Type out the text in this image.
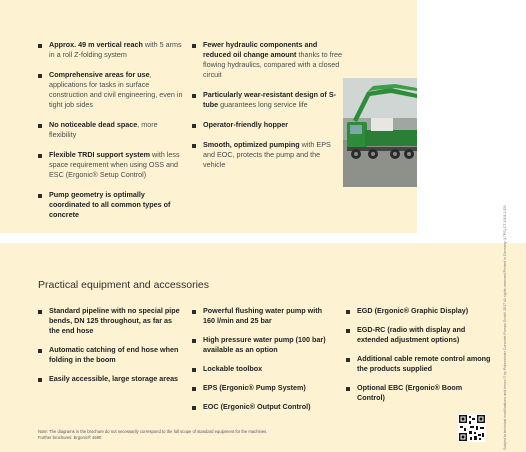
Approx. 49 m vertical reach with 5 arms in a roll Z-folding system
Comprehensive areas for use, applications for tasks in surface construction and civil engineering, even in tight job sides
No noticeable dead space, more flexibility
Flexible TRDI support system with less space requirement when using OSS and ESC (Ergonic® Setup Control)
Pump geometry is optimally coordinated to all common types of concrete
Fewer hydraulic components and reduced oil change amount thanks to free flowing hydraulics, compared with a closed circuit
Particularly wear-resistant design of S-tube guarantees long service life
Operator-friendly hopper
Smooth, optimized pumping with EPS and EOC, protects the pump and the vehicle
Subject to technical modifications and errors © by Putzmeister Concrete Pumps GmbH 2017 All rights reserved Printed in Germany (17PS) CT 4301-2 EN
Practical equipment and accessories
Standard pipeline with no special pipe bends, DN 125 throughout, as far as the end hose
Automatic catching of end hose when folding in the boom
Easily accessible, large storage areas
Powerful flushing water pump with 160 l/min and 25 bar
High pressure water pump (100 bar) available as an option
Lockable toolbox
EPS (Ergonic® Pump System)
EOC (Ergonic® Output Control)
EGD (Ergonic® Graphic Display)
EGD-RC (radio with display and extended adjustment options)
Additional cable remote control among the products supplied
Optional EBC (Ergonic® Boom Control)
Note: The diagrams in the brochure do not necessarily correspond to the full scope of standard equipment for the machines.
Further brochures: Ergonic® 4690
